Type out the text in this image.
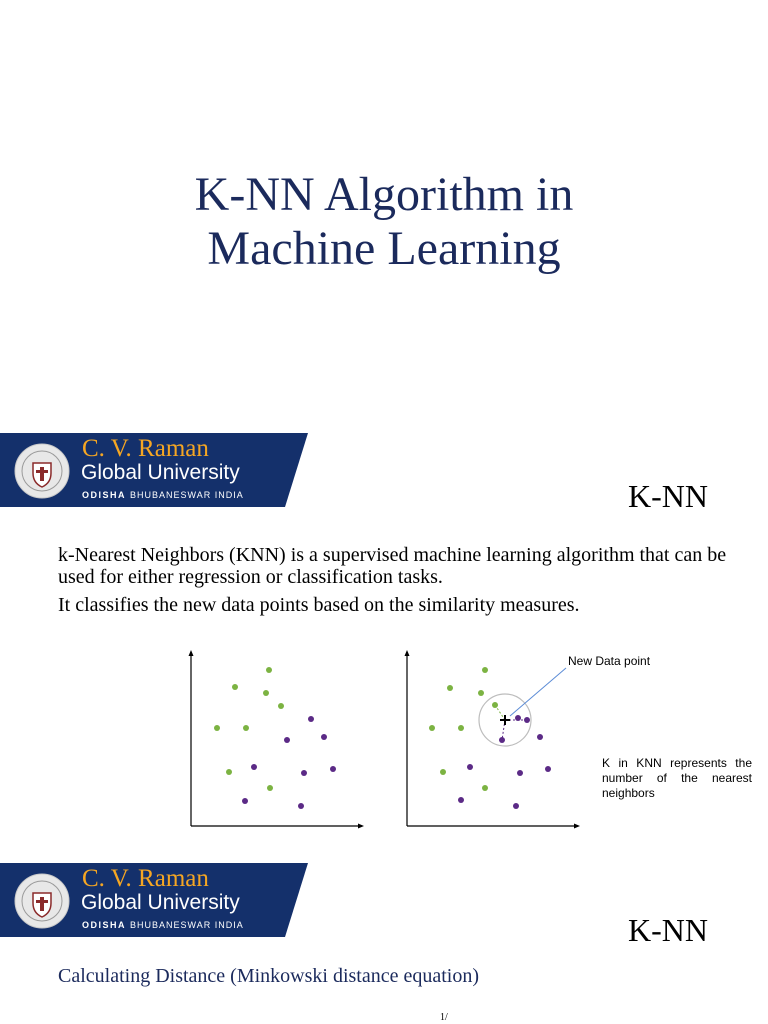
K-NN Algorithm in
Machine Learning
C. V. Raman
Global University
ODISHA BHUBANESWAR INDIA	K-NN

k-Nearest Neighbors (KNN) is a supervised machine learning algorithm that can be used for either regression or classification tasks.

It classifies the new data points based on the similarity measures.

New Data point
K in KNN represents the number of the nearest neighbors
C. V. Raman
Global University
ODISHA BHUBANESWAR INDIA	K-NN
Calculating Distance (Minkowski distance equation)
1/
